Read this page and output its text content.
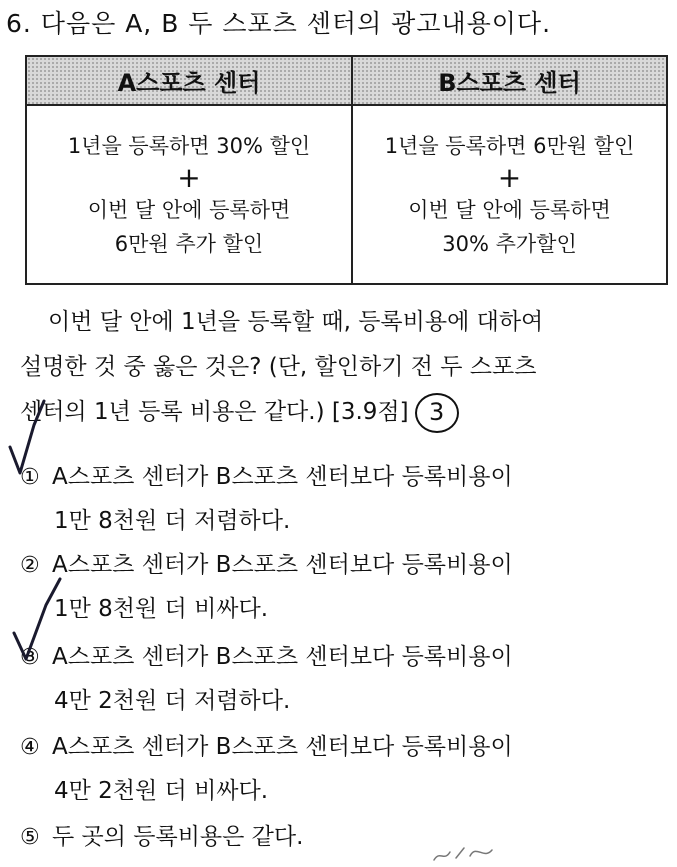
6. 다음은 A, B 두 스포츠 센터의 광고내용이다.
A스포츠 센터	B스포츠 센터
1년을 등록하면 30% 할인
+
이번 달 안에 등록하면
6만원 추가 할인
1년을 등록하면 6만원 할인
+
이번 달 안에 등록하면
30% 추가할인
이번 달 안에 1년을 등록할 때, 등록비용에 대하여
설명한 것 중 옳은 것은? (단, 할인하기 전 두 스포츠
센터의 1년 등록 비용은 같다.) [3.9점] 3
① A스포츠 센터가 B스포츠 센터보다 등록비용이
1만 8천원 더 저렴하다.
② A스포츠 센터가 B스포츠 센터보다 등록비용이
1만 8천원 더 비싸다.
③ A스포츠 센터가 B스포츠 센터보다 등록비용이
4만 2천원 더 저렴하다.
④ A스포츠 센터가 B스포츠 센터보다 등록비용이
4만 2천원 더 비싸다.
⑤ 두 곳의 등록비용은 같다.
